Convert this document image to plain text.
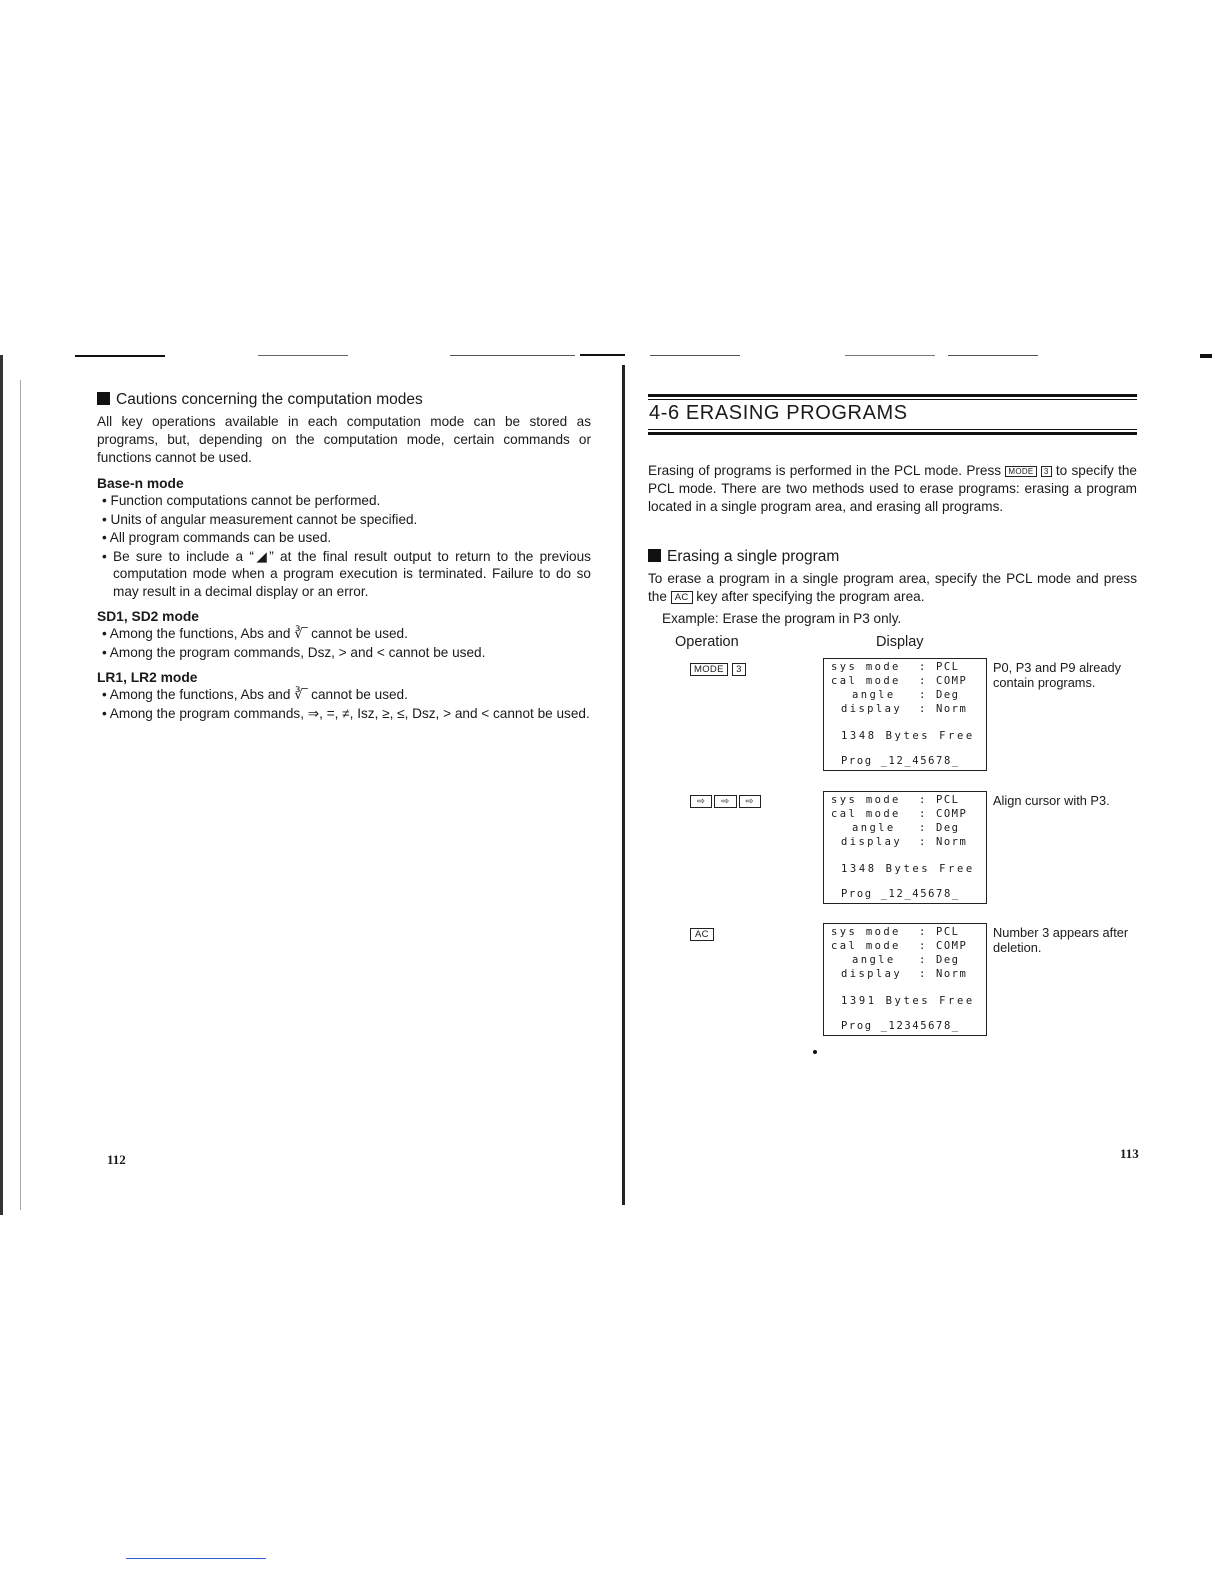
Cautions concerning the computation modes
All key operations available in each computation mode can be stored as programs, but, depending on the computation mode, certain commands or functions cannot be used.
Base-n mode
• Function computations cannot be performed.
• Units of angular measurement cannot be specified.
• All program commands can be used.
• Be sure to include a “◢” at the final result output to return to the previous computation mode when a program execution is terminated. Failure to do so may result in a decimal display or an error.
SD1, SD2 mode
• Among the functions, Abs and ∛‾ cannot be used.
• Among the program commands, Dsz, > and < cannot be used.
LR1, LR2 mode
• Among the functions, Abs and ∛‾ cannot be used.
• Among the program commands, ⇒, =, ≠, Isz, ≥, ≤, Dsz, > and < cannot be used.
112
4-6 ERASING PROGRAMS
Erasing of programs is performed in the PCL mode. Press MODE 3 to specify the PCL mode. There are two methods used to erase programs: erasing a program located in a single program area, and erasing all programs.
Erasing a single program
To erase a program in a single program area, specify the PCL mode and press the AC key after specifying the program area.
Example: Erase the program in P3 only.
Operation	Display
MODE 3	sys mode : PCL
cal mode : COMP
angle : Deg
display : Norm
1348 Bytes Free
Prog _12_45678_
P0, P3 and P9 already contain programs.
⇨ ⇨ ⇨	sys mode : PCL
cal mode : COMP
angle : Deg
display : Norm
1348 Bytes Free
Prog _12_45678_
Align cursor with P3.
AC	sys mode : PCL
cal mode : COMP
angle : Deg
display : Norm
1391 Bytes Free
Prog _12345678_
Number 3 appears after deletion.
113
